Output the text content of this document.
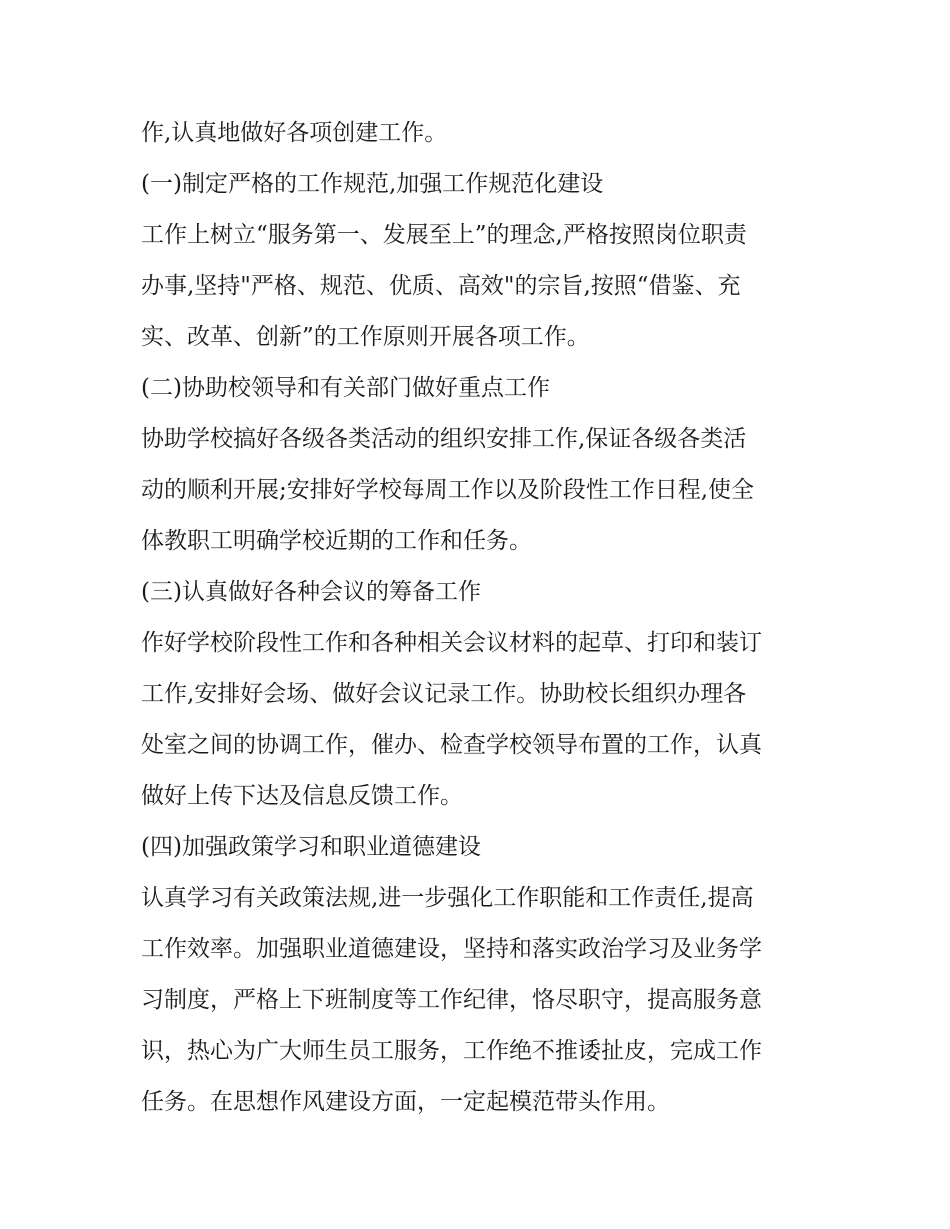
作,认真地做好各项创建工作。
(一)制定严格的工作规范,加强工作规范化建设
工作上树立“服务第一、发展至上”的理念,严格按照岗位职责
办事,坚持"严格、规范、优质、高效"的宗旨,按照“借鉴、充
实、改革、创新”的工作原则开展各项工作。
(二)协助校领导和有关部门做好重点工作
协助学校搞好各级各类活动的组织安排工作,保证各级各类活
动的顺利开展;安排好学校每周工作以及阶段性工作日程,使全
体教职工明确学校近期的工作和任务。
(三)认真做好各种会议的筹备工作
作好学校阶段性工作和各种相关会议材料的起草、打印和装订
工作,安排好会场、做好会议记录工作。协助校长组织办理各
处室之间的协调工作，催办、检查学校领导布置的工作，认真
做好上传下达及信息反馈工作。
(四)加强政策学习和职业道德建设
认真学习有关政策法规,进一步强化工作职能和工作责任,提高
工作效率。加强职业道德建设，坚持和落实政治学习及业务学
习制度，严格上下班制度等工作纪律，恪尽职守，提高服务意
识，热心为广大师生员工服务，工作绝不推诿扯皮，完成工作
任务。在思想作风建设方面，一定起模范带头作用。
